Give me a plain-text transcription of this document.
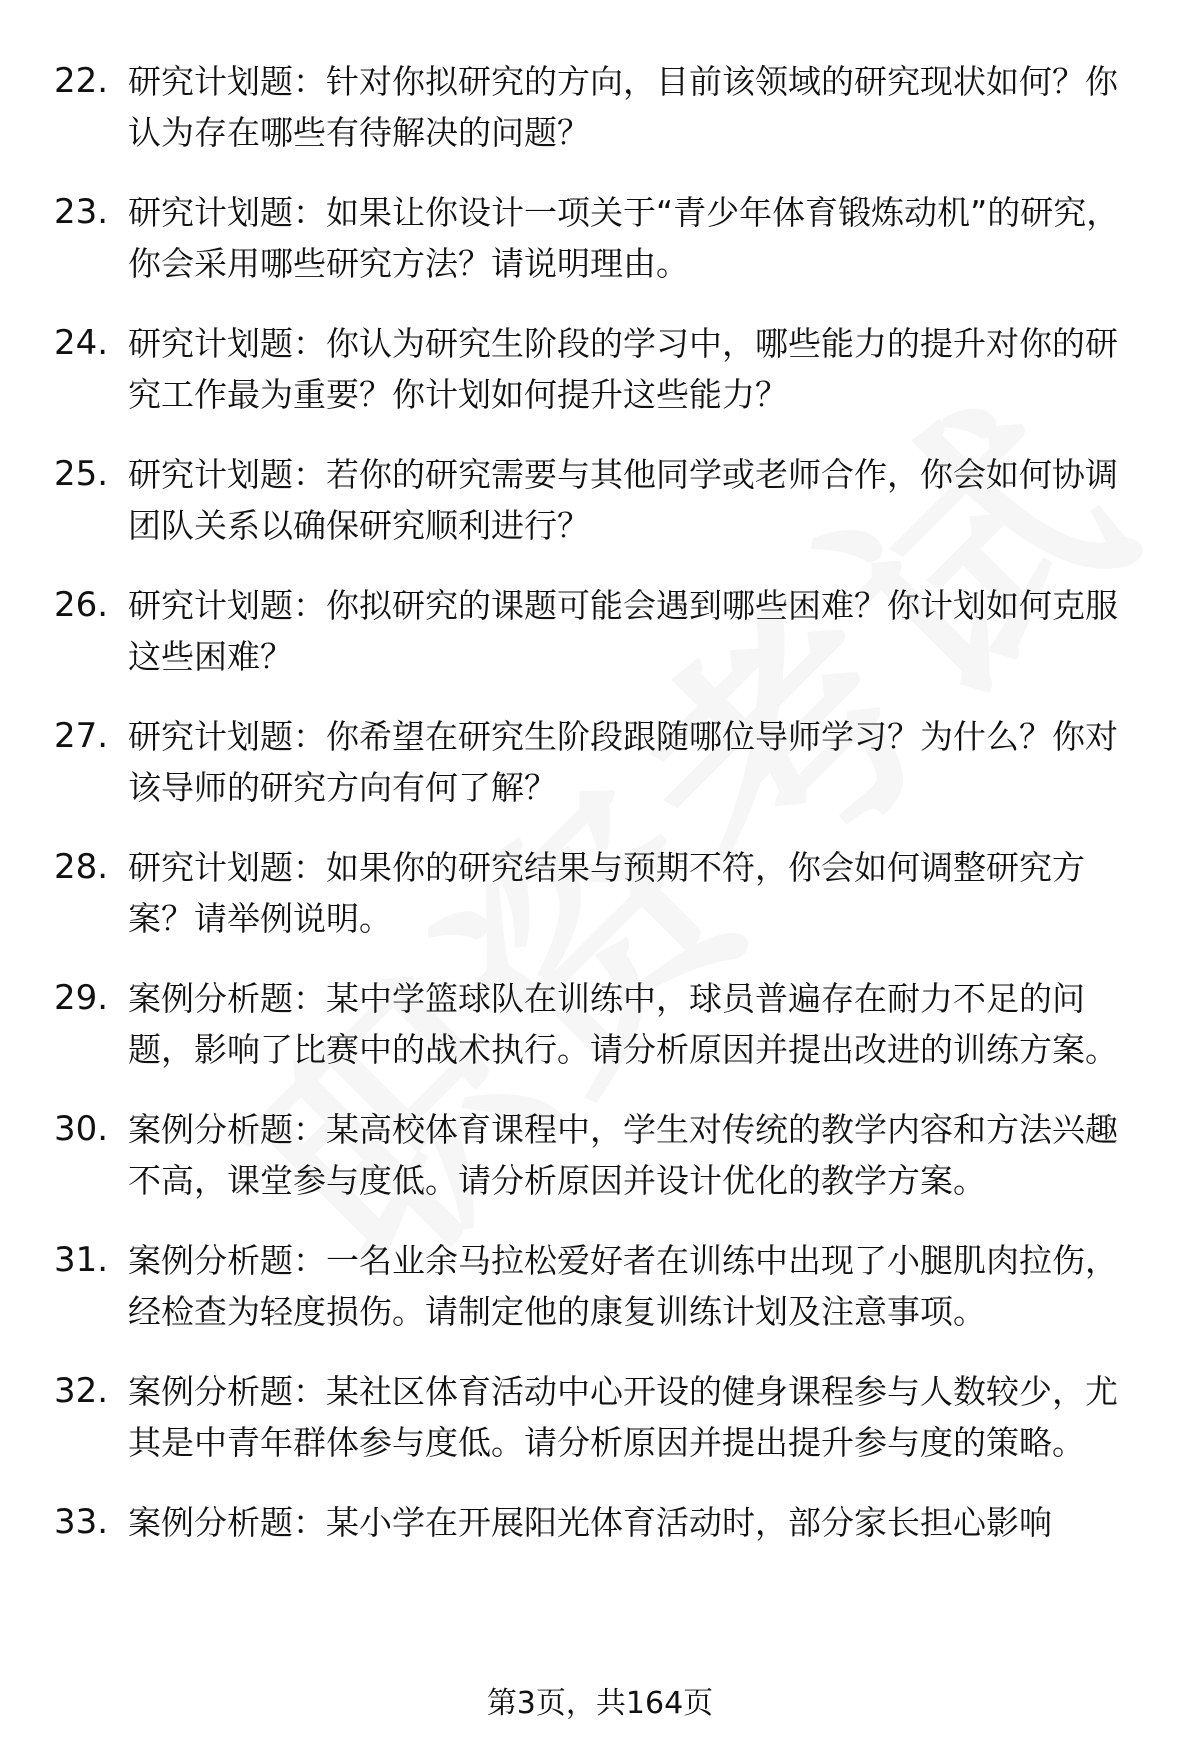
22. 研究计划题：针对你拟研究的方向，目前该领域的研究现状如何？你认为存在哪些有待解决的问题？
23. 研究计划题：如果让你设计一项关于“青少年体育锻炼动机”的研究，你会采用哪些研究方法？请说明理由。
24. 研究计划题：你认为研究生阶段的学习中，哪些能力的提升对你的研究工作最为重要？你计划如何提升这些能力？
25. 研究计划题：若你的研究需要与其他同学或老师合作，你会如何协调团队关系以确保研究顺利进行？
26. 研究计划题：你拟研究的课题可能会遇到哪些困难？你计划如何克服这些困难？
27. 研究计划题：你希望在研究生阶段跟随哪位导师学习？为什么？你对该导师的研究方向有何了解？
28. 研究计划题：如果你的研究结果与预期不符，你会如何调整研究方案？请举例说明。
29. 案例分析题：某中学篮球队在训练中，球员普遍存在耐力不足的问题，影响了比赛中的战术执行。请分析原因并提出改进的训练方案。
30. 案例分析题：某高校体育课程中，学生对传统的教学内容和方法兴趣不高，课堂参与度低。请分析原因并设计优化的教学方案。
31. 案例分析题：一名业余马拉松爱好者在训练中出现了小腿肌肉拉伤，经检查为轻度损伤。请制定他的康复训练计划及注意事项。
32. 案例分析题：某社区体育活动中心开设的健身课程参与人数较少，尤其是中青年群体参与度低。请分析原因并提出提升参与度的策略。
33. 案例分析题：某小学在开展阳光体育活动时，部分家长担心影响
第3页，共164页
